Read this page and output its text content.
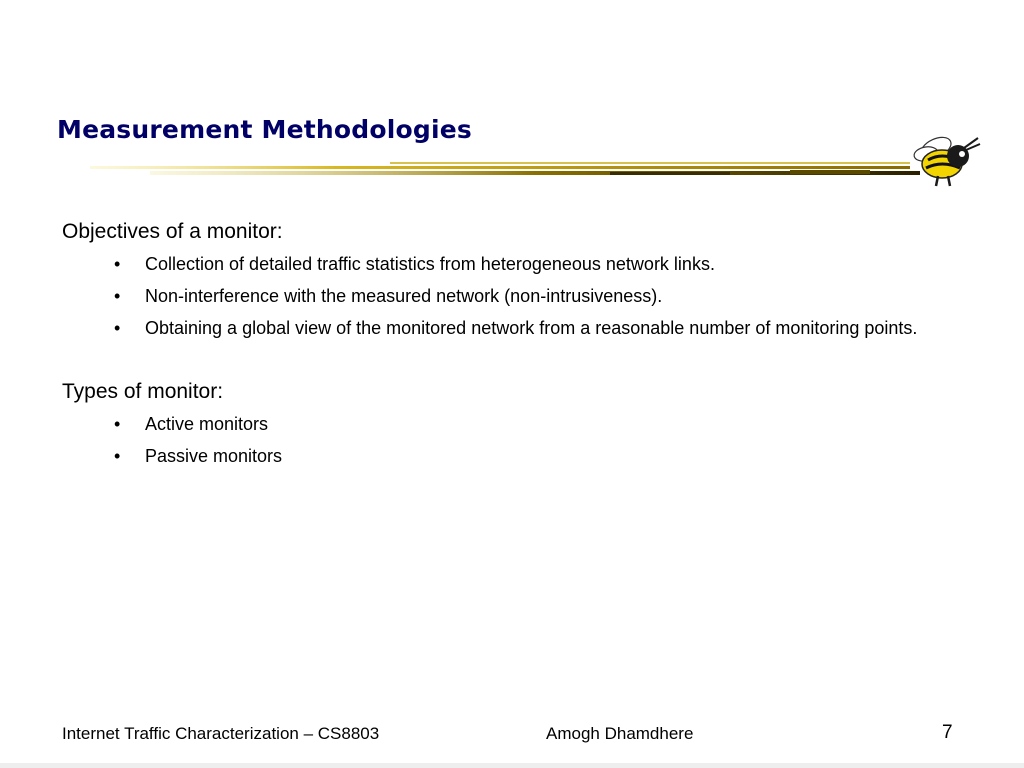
Measurement Methodologies
Objectives of a monitor:
• Collection of detailed traffic statistics from heterogeneous network links.
• Non-interference with the measured network (non-intrusiveness).
• Obtaining a global view of the monitored network from a reasonable number of monitoring points.
Types of monitor:
• Active monitors
• Passive monitors
Internet Traffic Characterization – CS8803	Amogh Dhamdhere	7
